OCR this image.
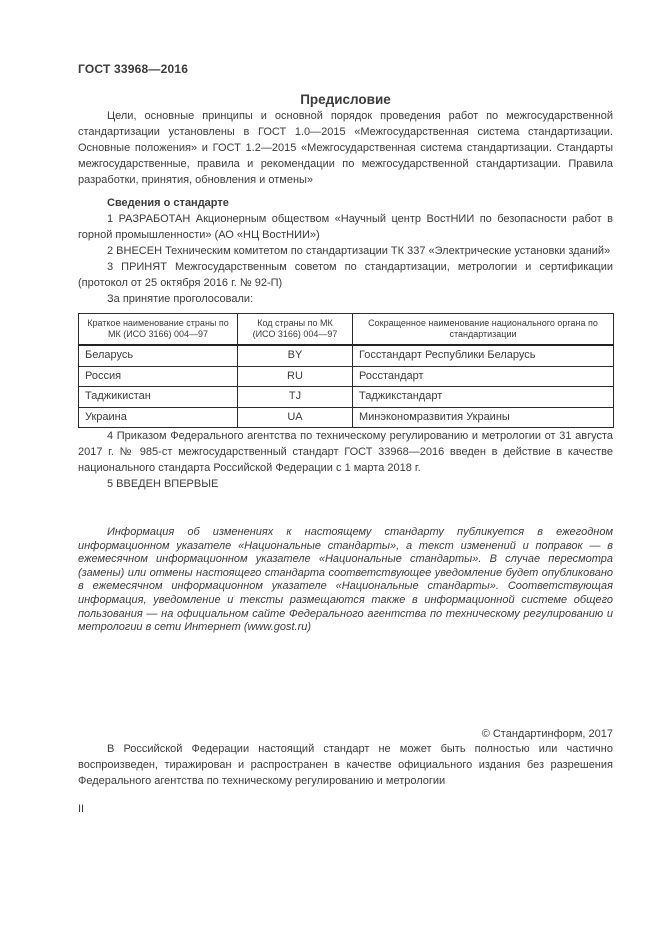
ГОСТ 33968—2016
Предисловие

Цели, основные принципы и основной порядок проведения работ по межгосударственной стандартизации установлены в ГОСТ 1.0—2015 «Межгосударственная система стандартизации. Основные положения» и ГОСТ 1.2—2015 «Межгосударственная система стандартизации. Стандарты межгосударственные, правила и рекомендации по межгосударственной стандартизации. Правила разработки, принятия, обновления и отмены»

Сведения о стандарте

1 РАЗРАБОТАН Акционерным обществом «Научный центр ВостНИИ по безопасности работ в горной промышленности» (АО «НЦ ВостНИИ»)

2 ВНЕСЕН Техническим комитетом по стандартизации ТК 337 «Электрические установки зданий»

3 ПРИНЯТ Межгосударственным советом по стандартизации, метрологии и сертификации (протокол от 25 октября 2016 г. № 92-П)

За принятие проголосовали:

Краткое наименование страны по МК (ИСО 3166) 004—97	Код страны по МК (ИСО 3166) 004—97	Сокращенное наименование национального органа по стандартизации
Беларусь	BY	Госстандарт Республики Беларусь
Россия	RU	Росстандарт
Таджикистан	TJ	Таджикстандарт
Украина	UA	Минэкономразвития Украины

4 Приказом Федерального агентства по техническому регулированию и метрологии от 31 августа 2017 г. № 985-ст межгосударственный стандарт ГОСТ 33968—2016 введен в действие в качестве национального стандарта Российской Федерации с 1 марта 2018 г.

5 ВВЕДЕН ВПЕРВЫЕ

Информация об изменениях к настоящему стандарту публикуется в ежегодном информационном указателе «Национальные стандарты», а текст изменений и поправок — в ежемесячном информационном указателе «Национальные стандарты». В случае пересмотра (замены) или отмены настоящего стандарта соответствующее уведомление будет опубликовано в ежемесячном информационном указателе «Национальные стандарты». Соответствующая информация, уведомление и тексты размещаются также в информационной системе общего пользования — на официальном сайте Федерального агентства по техническому регулированию и метрологии в сети Интернет (www.gost.ru)

© Стандартинформ, 2017

В Российской Федерации настоящий стандарт не может быть полностью или частично воспроизведен, тиражирован и распространен в качестве официального издания без разрешения Федерального агентства по техническому регулированию и метрологии

II
